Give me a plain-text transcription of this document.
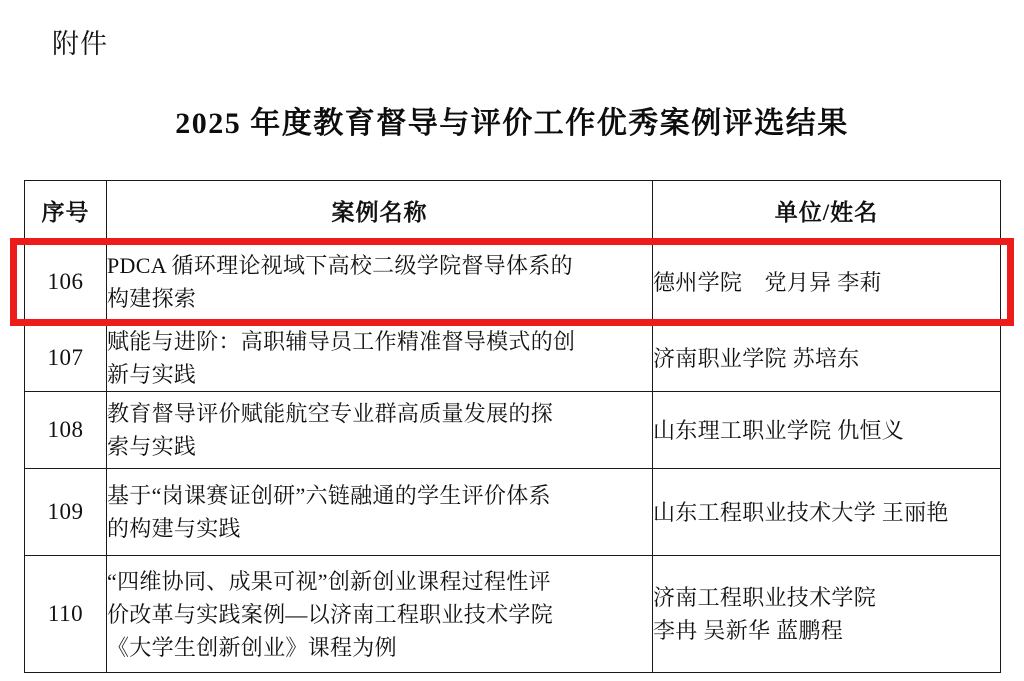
附件
2025 年度教育督导与评价工作优秀案例评选结果
序号	案例名称	单位/姓名
106	PDCA 循环理论视域下高校二级学院督导体系的
构建探索	德州学院　党月异 李莉

107	赋能与进阶：高职辅导员工作精准督导模式的创
新与实践	济南职业学院 苏培东

108	教育督导评价赋能航空专业群高质量发展的探
索与实践	山东理工职业学院 仇恒义

109	基于“岗课赛证创研”六链融通的学生评价体系
的构建与实践	山东工程职业技术大学 王丽艳

110	“四维协同、成果可视”创新创业课程过程性评
价改革与实践案例—以济南工程职业技术学院
《大学生创新创业》课程为例	济南工程职业技术学院
李冉 吴新华 蓝鹏程
